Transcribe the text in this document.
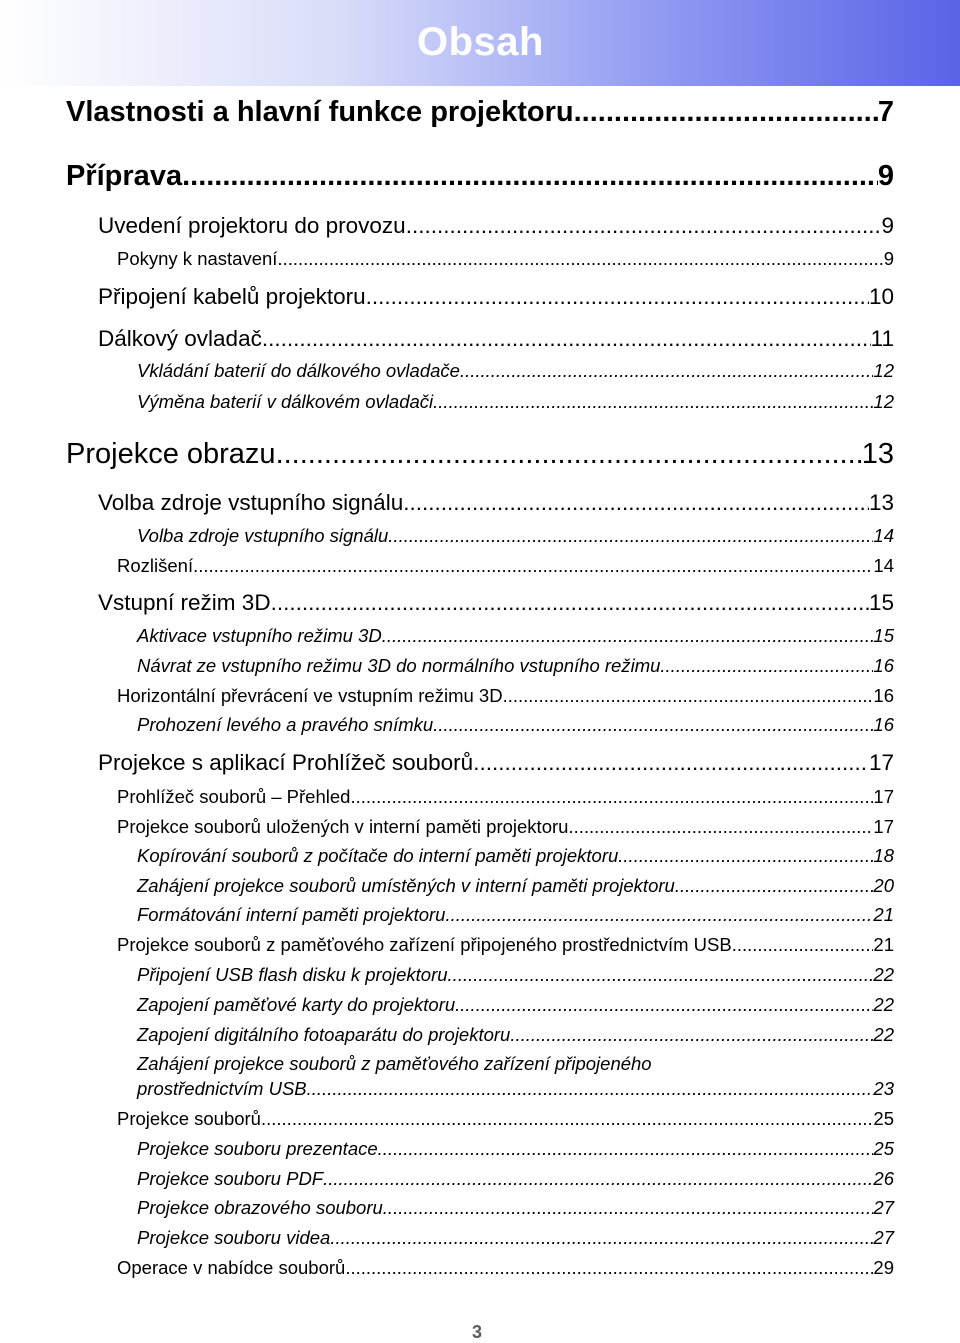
Obsah
Vlastnosti a hlavní funkce projektoru .....	7
Příprava .....	9
Uvedení projektoru do provozu .....	9
Pokyny k nastavení .....	9
Připojení kabelů projektoru .....	10
Dálkový ovladač .....	11
Vkládání baterií do dálkového ovladače .....	12
Výměna baterií v dálkovém ovladači .....	12
Projekce obrazu .....	13
Volba zdroje vstupního signálu .....	13
Volba zdroje vstupního signálu .....	14
Rozlišení .....	14
Vstupní režim 3D .....	15
Aktivace vstupního režimu 3D .....	15
Návrat ze vstupního režimu 3D do normálního vstupního režimu .....	16
Horizontální převrácení ve vstupním režimu 3D .....	16
Prohození levého a pravého snímku .....	16
Projekce s aplikací Prohlížeč souborů .....	17
Prohlížeč souborů – Přehled .....	17
Projekce souborů uložených v interní paměti projektoru .....	17
Kopírování souborů z počítače do interní paměti projektoru .....	18
Zahájení projekce souborů umístěných v interní paměti projektoru .....	20
Formátování interní paměti projektoru .....	21
Projekce souborů z paměťového zařízení připojeného prostřednictvím USB .....	21
Připojení USB flash disku k projektoru .....	22
Zapojení paměťové karty do projektoru .....	22
Zapojení digitálního fotoaparátu do projektoru .....	22
Zahájení projekce souborů z paměťového zařízení připojeného
prostřednictvím USB .....	23
Projekce souborů .....	25
Projekce souboru prezentace .....	25
Projekce souboru PDF .....	26
Projekce obrazového souboru .....	27
Projekce souboru videa .....	27
Operace v nabídce souborů .....	29
3
